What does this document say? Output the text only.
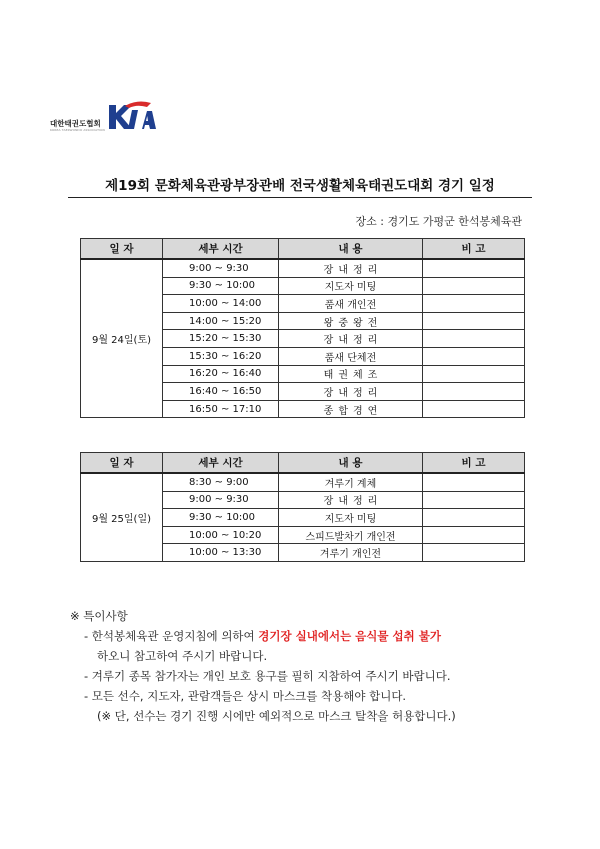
대한태권도협회
KOREA TAEKWONDO ASSOCIATION
제19회 문화체육관광부장관배 전국생활체육태권도대회 경기 일정
장소 : 경기도 가평군 한석봉체육관
일 자	세부 시간	내 용	비 고
9월 24일(토)	9:00 ~ 9:30	장내정리	
	9:30 ~ 10:00	지도자 미팅	
	10:00 ~ 14:00	품새 개인전	
	14:00 ~ 15:20	왕중왕전	
	15:20 ~ 15:30	장내정리	
	15:30 ~ 16:20	품새 단체전	
	16:20 ~ 16:40	태권체조	
	16:40 ~ 16:50	장내정리	
	16:50 ~ 17:10	종합경연	
일 자	세부 시간	내 용	비 고
9월 25일(일)	8:30 ~ 9:00	겨루기 계체	
	9:00 ~ 9:30	장내정리	
	9:30 ~ 10:00	지도자 미팅	
	10:00 ~ 10:20	스피드발차기 개인전	
	10:00 ~ 13:30	겨루기 개인전	
※ 특이사항
- 한석봉체육관 운영지침에 의하여 경기장 실내에서는 음식물 섭취 불가
하오니 참고하여 주시기 바랍니다.
- 겨루기 종목 참가자는 개인 보호 용구를 필히 지참하여 주시기 바랍니다.
- 모든 선수, 지도자, 관람객들은 상시 마스크를 착용해야 합니다.
(※ 단, 선수는 경기 진행 시에만 예외적으로 마스크 탈착을 허용합니다.)
